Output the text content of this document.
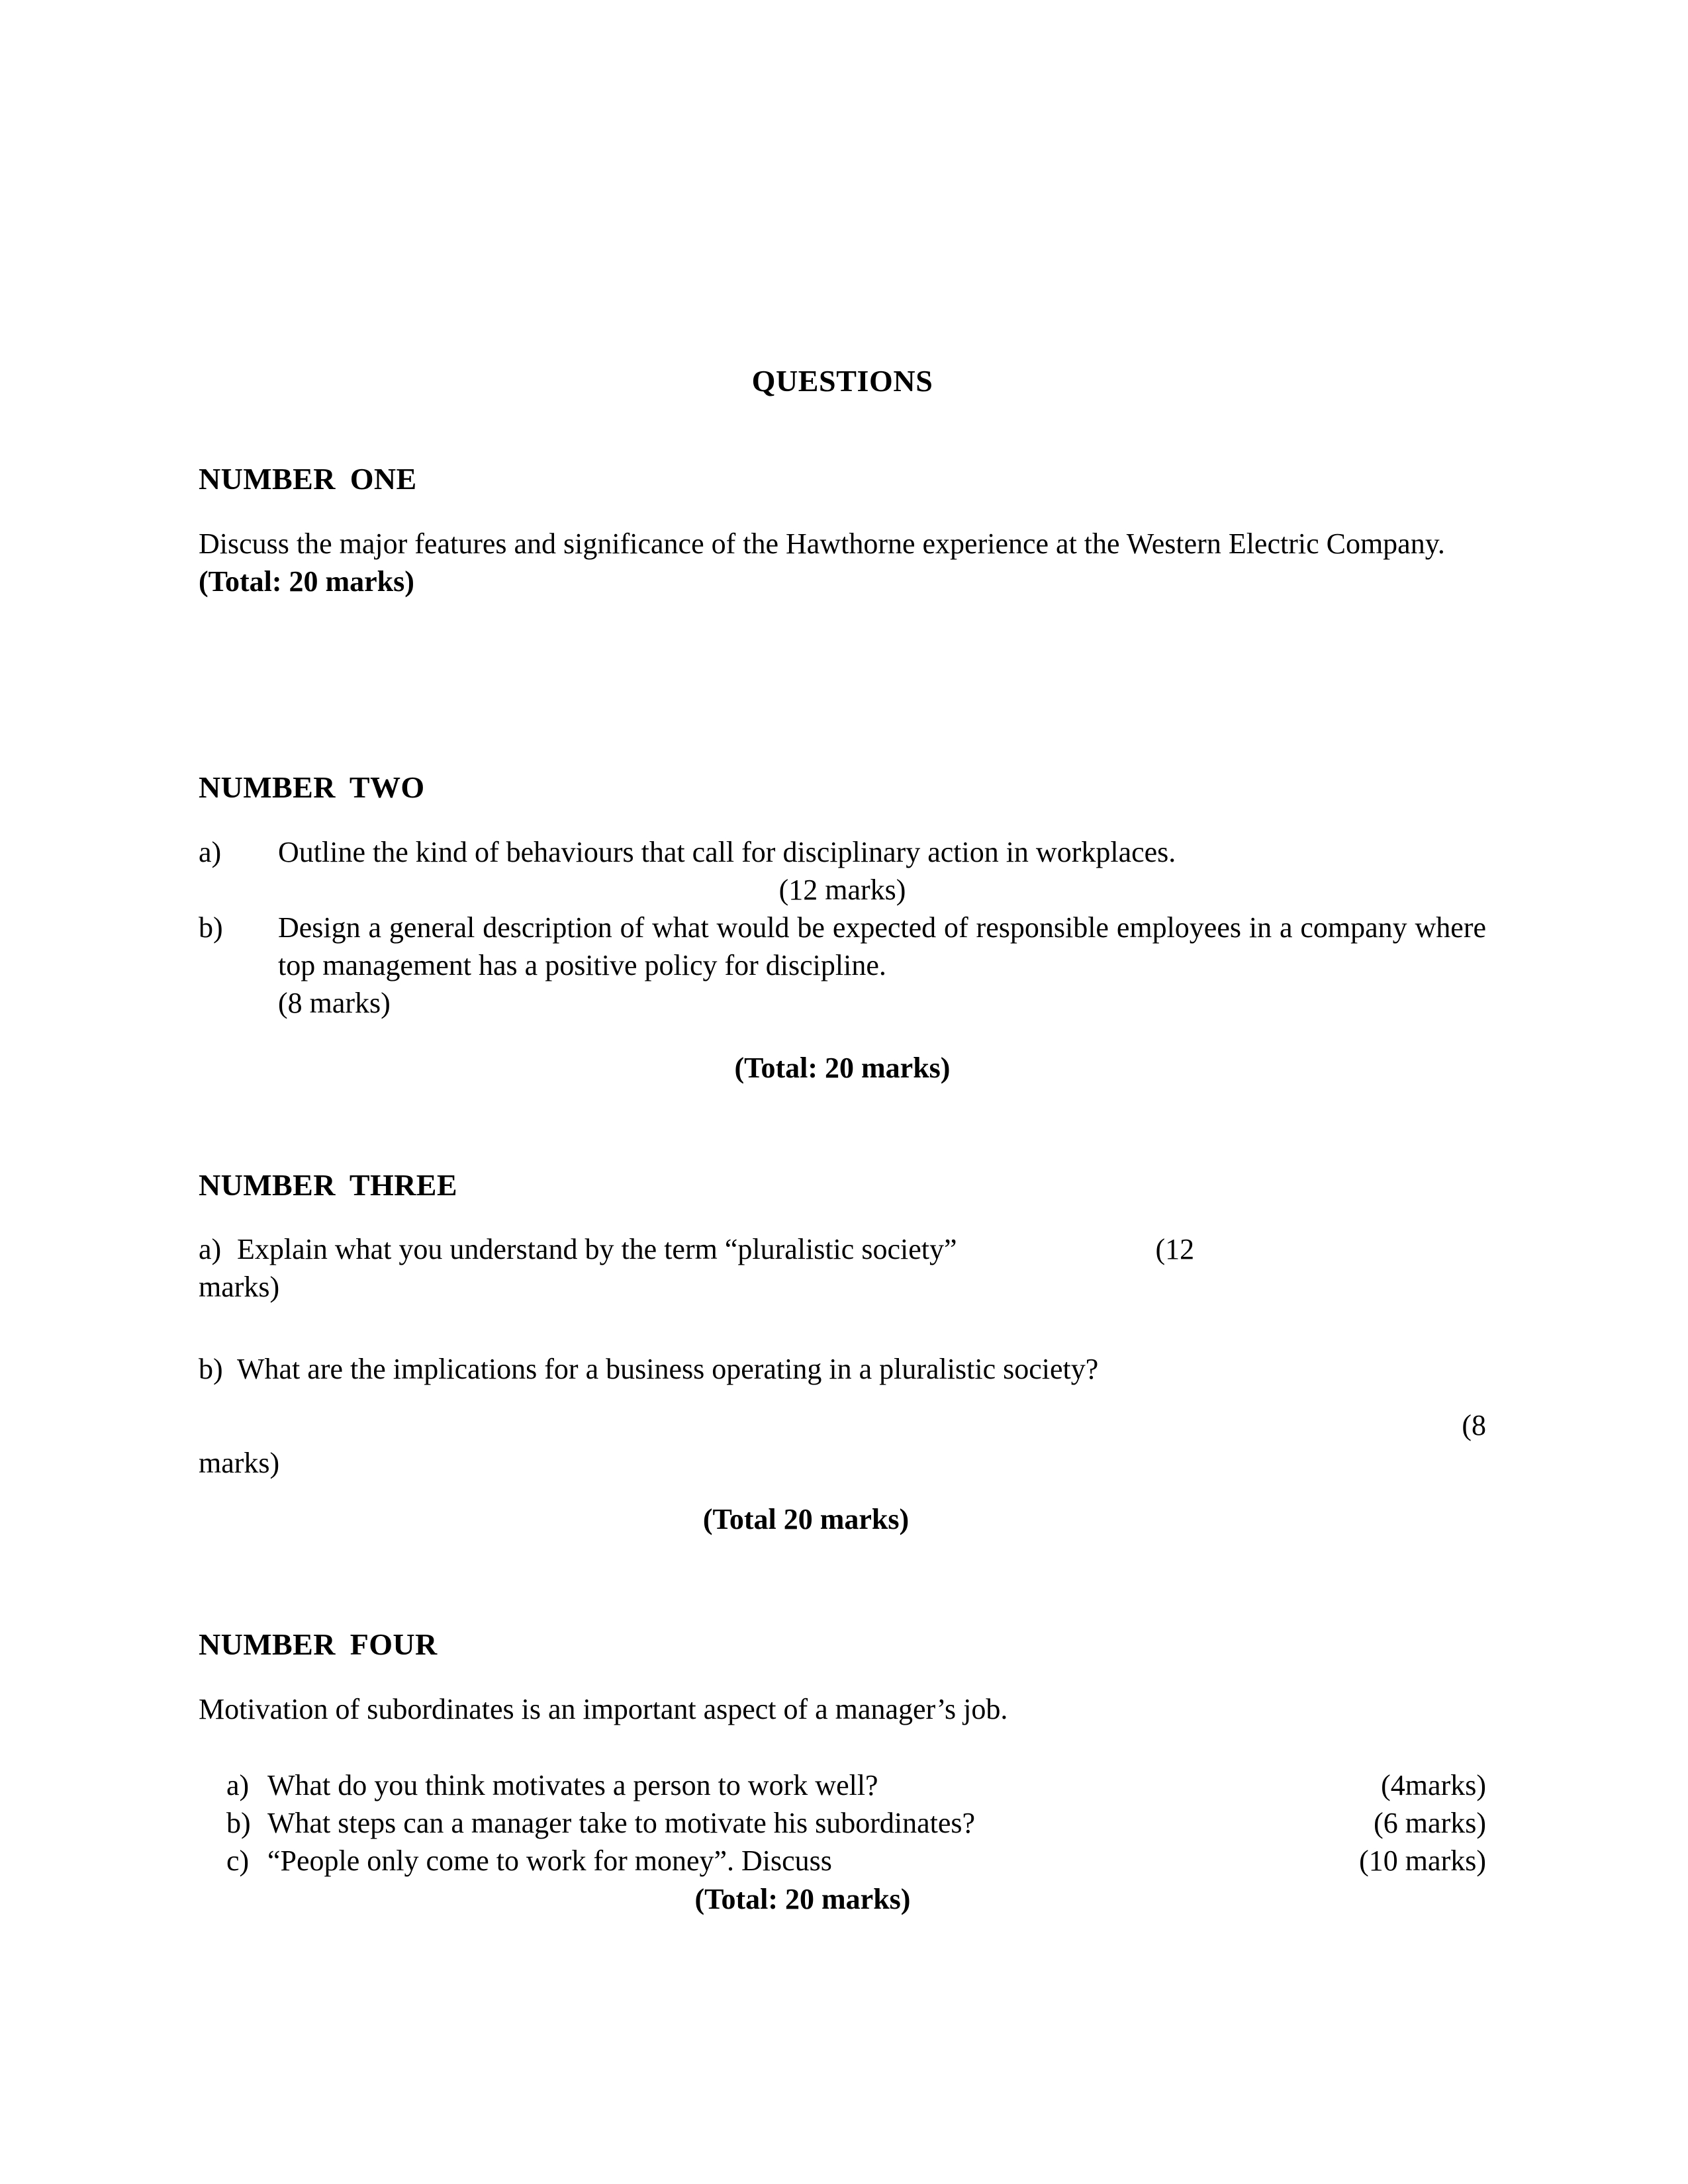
QUESTIONS
NUMBER ONE

Discuss the major features and significance of the Hawthorne experience at the Western Electric Company.

(Total: 20 marks)

NUMBER TWO
a)	Outline the kind of behaviours that call for disciplinary action in workplaces.

(12 marks)

b)	Design a general description of what would be expected of responsible employees in a company where top management has a positive policy for discipline.
(8 marks)

(Total: 20 marks)

NUMBER THREE
a) Explain what you understand by the term “pluralistic society”	(12

marks)

b) What are the implications for a business operating in a pluralistic society?

(8

marks)

(Total 20 marks)

NUMBER FOUR

Motivation of subordinates is an important aspect of a manager’s job.

a) What do you think motivates a person to work well?	(4marks)
b) What steps can a manager take to motivate his subordinates?	(6 marks)
c) “People only come to work for money”. Discuss	(10 marks)

(Total: 20 marks)
